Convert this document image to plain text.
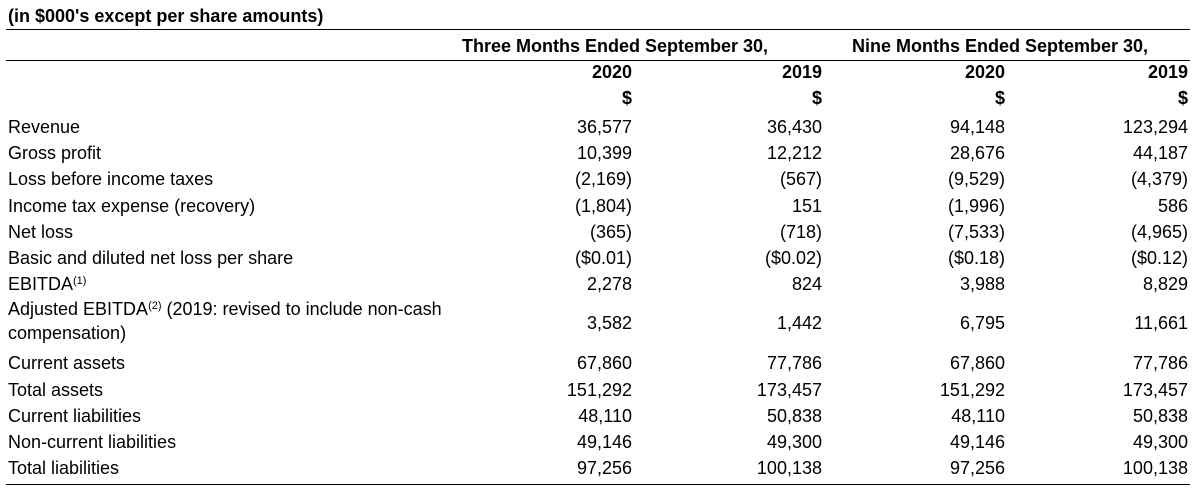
(in $000's except per share amounts)
Three Months Ended September 30,	Nine Months Ended September 30,
2020	2019	2020	2019
$	$	$	$
Revenue	36,577	36,430	94,148	123,294
Gross profit	10,399	12,212	28,676	44,187
Loss before income taxes	(2,169)	(567)	(9,529)	(4,379)
Income tax expense (recovery)	(1,804)	151	(1,996)	586
Net loss	(365)	(718)	(7,533)	(4,965)
Basic and diluted net loss per share	($0.01)	($0.02)	($0.18)	($0.12)
EBITDA$^{(1)}$	2,278	824	3,988	8,829
Adjusted EBITDA$^{(2)}$ (2019: revised to include non-cash compensation)	3,582	1,442	6,795	11,661
Current assets	67,860	77,786	67,860	77,786
Total assets	151,292	173,457	151,292	173,457
Current liabilities	48,110	50,838	48,110	50,838
Non-current liabilities	49,146	49,300	49,146	49,300
Total liabilities	97,256	100,138	97,256	100,138
